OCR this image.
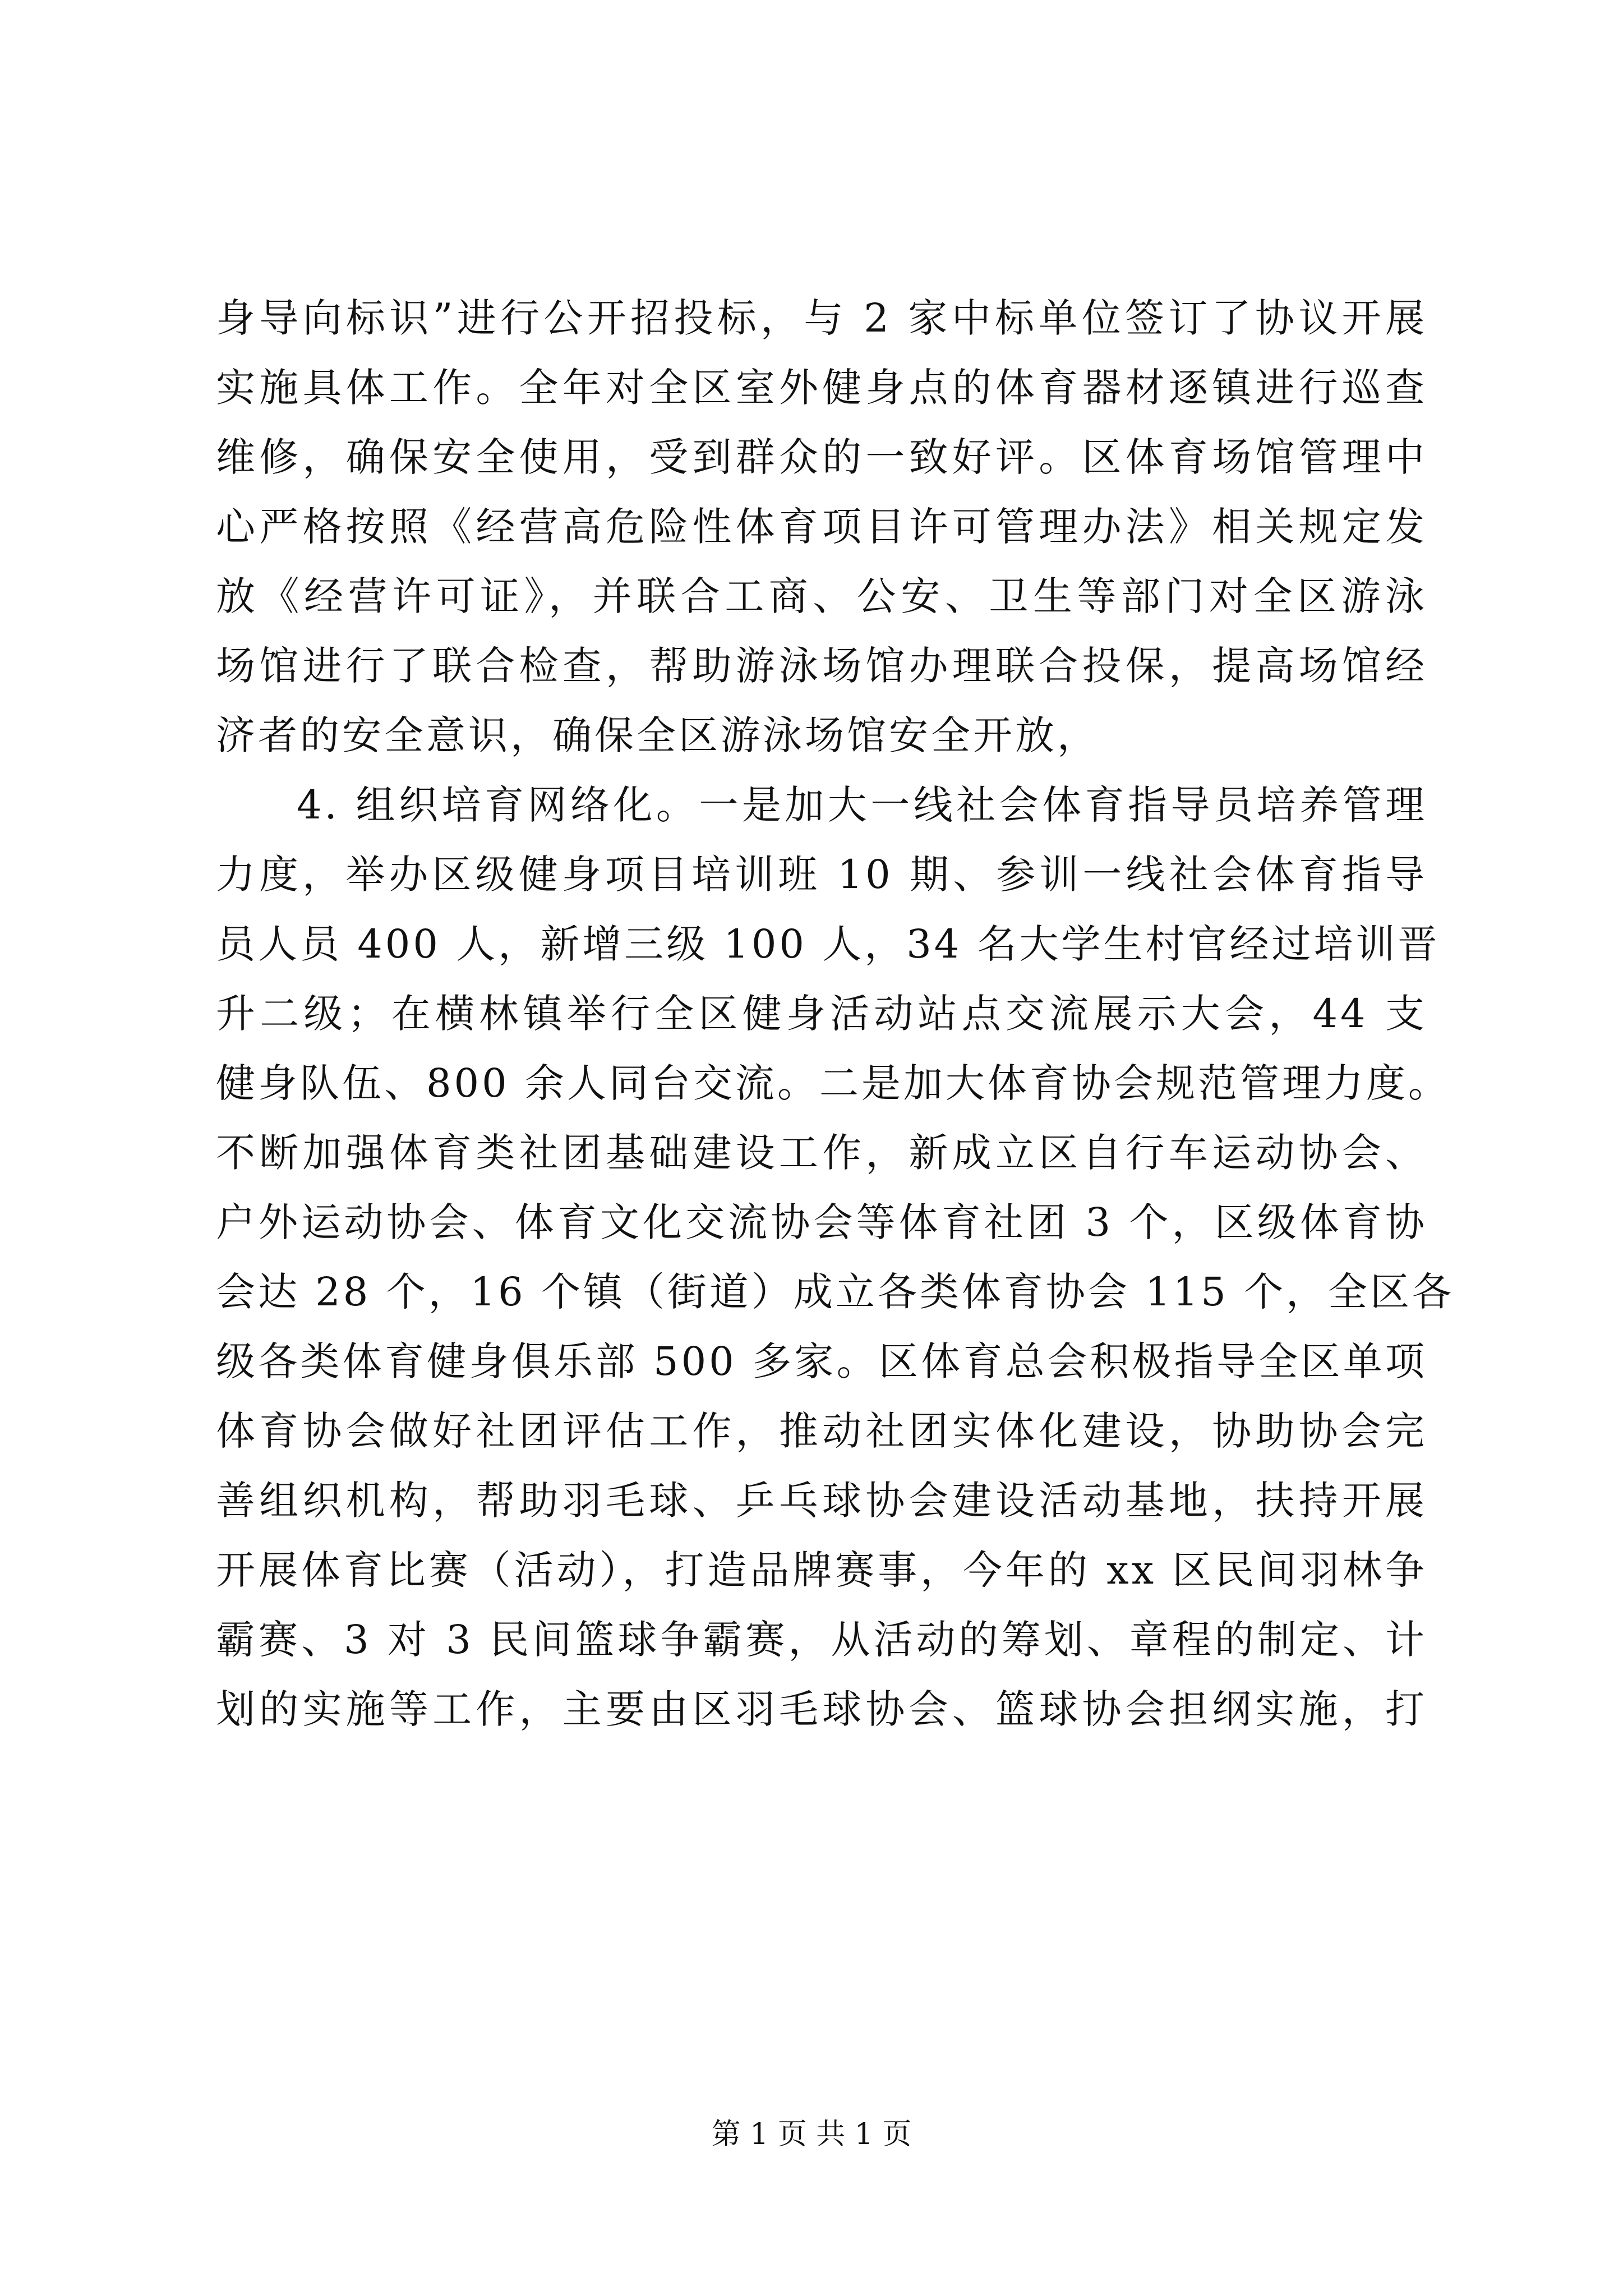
身导向标识”进行公开招投标，与 2 家中标单位签订了协议开展
实施具体工作。全年对全区室外健身点的体育器材逐镇进行巡查
维修，确保安全使用，受到群众的一致好评。区体育场馆管理中
心严格按照《经营高危险性体育项目许可管理办法》相关规定发
放《经营许可证》，并联合工商、公安、卫生等部门对全区游泳
场馆进行了联合检查，帮助游泳场馆办理联合投保，提高场馆经
济者的安全意识，确保全区游泳场馆安全开放，
4. 组织培育网络化。一是加大一线社会体育指导员培养管理
力度，举办区级健身项目培训班 10 期、参训一线社会体育指导
员人员 400 人，新增三级 100 人，34 名大学生村官经过培训晋
升二级；在横林镇举行全区健身活动站点交流展示大会，44 支
健身队伍、800 余人同台交流。二是加大体育协会规范管理力度。
不断加强体育类社团基础建设工作，新成立区自行车运动协会、
户外运动协会、体育文化交流协会等体育社团 3 个，区级体育协
会达 28 个，16 个镇（街道）成立各类体育协会 115 个，全区各
级各类体育健身俱乐部 500 多家。区体育总会积极指导全区单项
体育协会做好社团评估工作，推动社团实体化建设，协助协会完
善组织机构，帮助羽毛球、乒乓球协会建设活动基地，扶持开展
开展体育比赛（活动），打造品牌赛事，今年的 xx 区民间羽林争
霸赛、3 对 3 民间篮球争霸赛，从活动的筹划、章程的制定、计
划的实施等工作，主要由区羽毛球协会、篮球协会担纲实施，打
第 1 页 共 1 页
